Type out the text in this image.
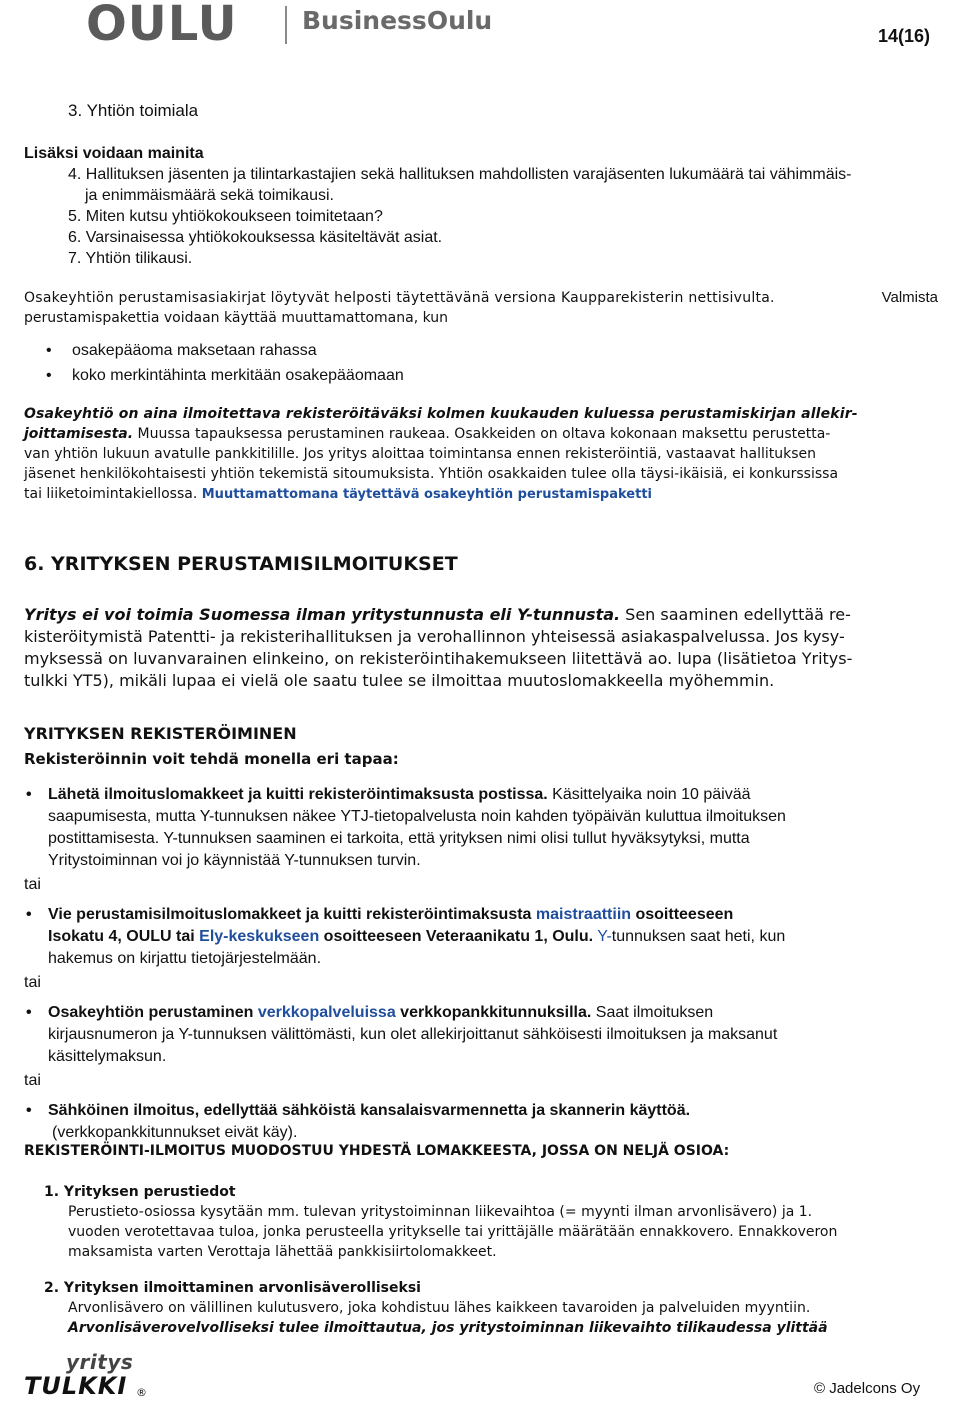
OULU	BusinessOulu
14(16)
3. Yhtiön toimiala
Lisäksi voidaan mainita
4. Hallituksen jäsenten ja tilintarkastajien sekä hallituksen mahdollisten varajäsenten lukumäärä tai vähimmäis-
ja enimmäismäärä sekä toimikausi.
5. Miten kutsu yhtiökokoukseen toimitetaan?
6. Varsinaisessa yhtiökokouksessa käsiteltävät asiat.
7. Yhtiön tilikausi.
Osakeyhtiön perustamisasiakirjat löytyvät helposti täytettävänä versiona Kaupparekisterin nettisivulta.	Valmista
perustamispakettia voidaan käyttää muuttamattomana, kun
• osakepääoma maksetaan rahassa
• koko merkintähinta merkitään osakepääomaan
Osakeyhtiö on aina ilmoitettava rekisteröitäväksi kolmen kuukauden kuluessa perustamiskirjan allekir-
joittamisesta. Muussa tapauksessa perustaminen raukeaa. Osakkeiden on oltava kokonaan maksettu perustetta-
van yhtiön lukuun avatulle pankkitilille. Jos yritys aloittaa toimintansa ennen rekisteröintiä, vastaavat hallituksen
jäsenet henkilökohtaisesti yhtiön tekemistä sitoumuksista. Yhtiön osakkaiden tulee olla täysi-ikäisiä, ei konkurssissa
tai liiketoimintakiellossa. Muuttamattomana täytettävä osakeyhtiön perustamispaketti
6. YRITYKSEN PERUSTAMISILMOITUKSET
Yritys ei voi toimia Suomessa ilman yritystunnusta eli Y-tunnusta. Sen saaminen edellyttää re-
kisteröitymistä Patentti- ja rekisterihallituksen ja verohallinnon yhteisessä asiakaspalvelussa. Jos kysy-
myksessä on luvanvarainen elinkeino, on rekisteröintihakemukseen liitettävä ao. lupa (lisätietoa Yritys-
tulkki YT5), mikäli lupaa ei vielä ole saatu tulee se ilmoittaa muutoslomakkeella myöhemmin.
YRITYKSEN REKISTERÖIMINEN
Rekisteröinnin voit tehdä monella eri tapaa:
• Lähetä ilmoituslomakkeet ja kuitti rekisteröintimaksusta postissa. Käsittelyaika noin 10 päivää
saapumisesta, mutta Y-tunnuksen näkee YTJ-tietopalvelusta noin kahden työpäivän kuluttua ilmoituksen
postittamisesta. Y-tunnuksen saaminen ei tarkoita, että yrityksen nimi olisi tullut hyväksytyksi, mutta
Yritystoiminnan voi jo käynnistää Y-tunnuksen turvin.
tai
• Vie perustamisilmoituslomakkeet ja kuitti rekisteröintimaksusta maistraattiin osoitteeseen
Isokatu 4, OULU tai Ely-keskukseen osoitteeseen Veteraanikatu 1, Oulu. Y-tunnuksen saat heti, kun
hakemus on kirjattu tietojärjestelmään.
tai
• Osakeyhtiön perustaminen verkkopalveluissa verkkopankkitunnuksilla. Saat ilmoituksen
kirjausnumeron ja Y-tunnuksen välittömästi, kun olet allekirjoittanut sähköisesti ilmoituksen ja maksanut
käsittelymaksun.
tai
• Sähköinen ilmoitus, edellyttää sähköistä kansalaisvarmennetta ja skannerin käyttöä.
(verkkopankkitunnukset eivät käy).
REKISTERÖINTI-ILMOITUS MUODOSTUU YHDESTÄ LOMAKKEESTA, JOSSA ON NELJÄ OSIOA:
1. Yrityksen perustiedot
Perustieto-osiossa kysytään mm. tulevan yritystoiminnan liikevaihtoa (= myynti ilman arvonlisävero) ja 1.
vuoden verotettavaa tuloa, jonka perusteella yritykselle tai yrittäjälle määrätään ennakkovero. Ennakkoveron
maksamista varten Verottaja lähettää pankkisiirtolomakkeet.
2. Yrityksen ilmoittaminen arvonlisäverolliseksi
Arvonlisävero on välillinen kulutusvero, joka kohdistuu lähes kaikkeen tavaroiden ja palveluiden myyntiin.
Arvonlisäverovelvolliseksi tulee ilmoittautua, jos yritystoiminnan liikevaihto tilikaudessa ylittää
yritys
TULKKI ®	© Jadelcons Oy
